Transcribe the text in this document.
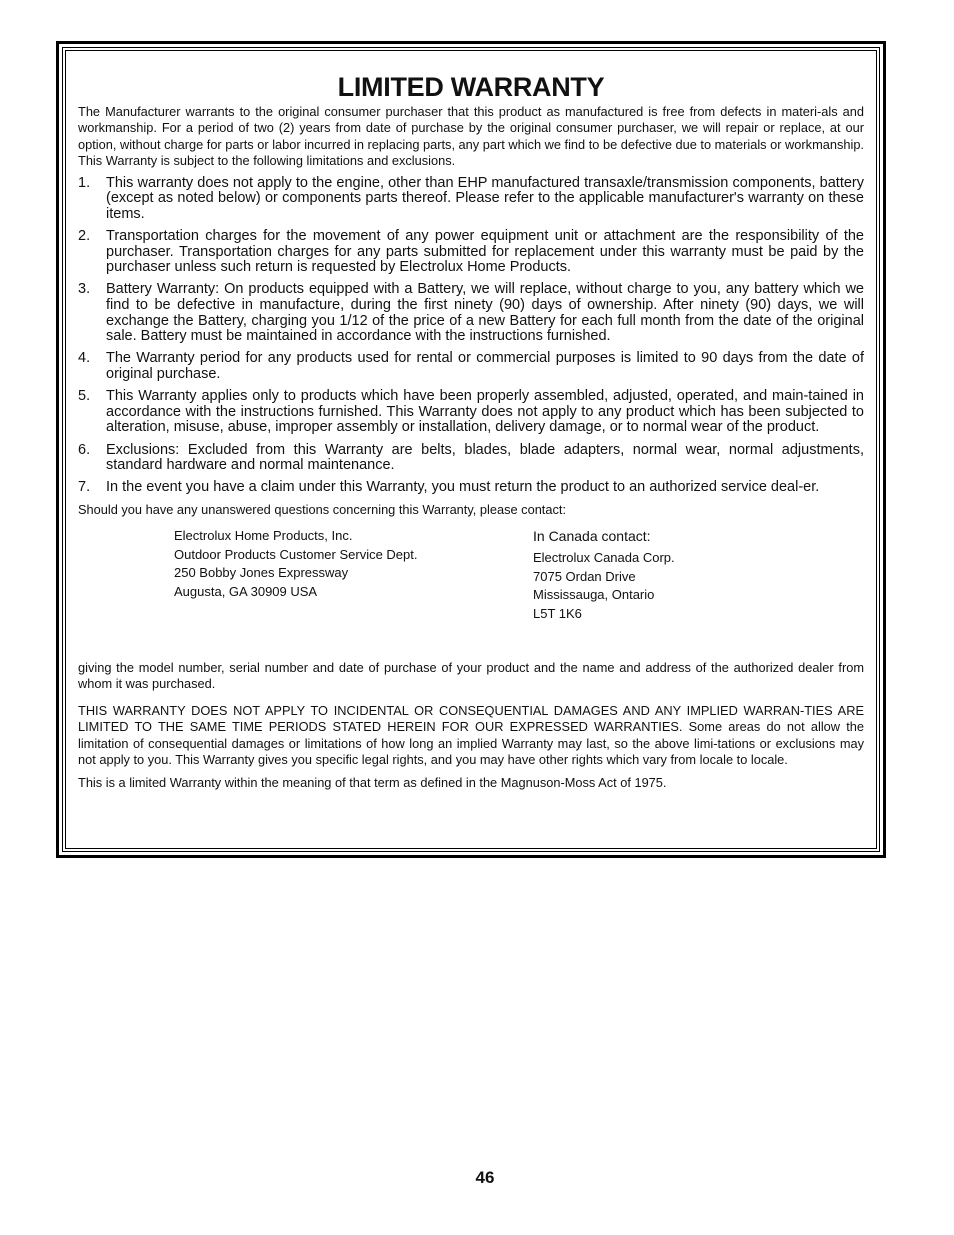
LIMITED WARRANTY

The Manufacturer warrants to the original consumer purchaser that this product as manufactured is free from defects in materi-als and workmanship. For a period of two (2) years from date of purchase by the original consumer purchaser, we will repair or replace, at our option, without charge for parts or labor incurred in replacing parts, any part which we find to be defective due to materials or workmanship. This Warranty is subject to the following limitations and exclusions.

1. This warranty does not apply to the engine, other than EHP manufactured transaxle/transmission components, battery (except as noted below) or components parts thereof. Please refer to the applicable manufacturer's warranty on these items.
2. Transportation charges for the movement of any power equipment unit or attachment are the responsibility of the purchaser. Transportation charges for any parts submitted for replacement under this warranty must be paid by the purchaser unless such return is requested by Electrolux Home Products.
3. Battery Warranty: On products equipped with a Battery, we will replace, without charge to you, any battery which we find to be defective in manufacture, during the first ninety (90) days of ownership. After ninety (90) days, we will exchange the Battery, charging you 1/12 of the price of a new Battery for each full month from the date of the original sale. Battery must be maintained in accordance with the instructions furnished.
4. The Warranty period for any products used for rental or commercial purposes is limited to 90 days from the date of original purchase.
5. This Warranty applies only to products which have been properly assembled, adjusted, operated, and main-tained in accordance with the instructions furnished. This Warranty does not apply to any product which has been subjected to alteration, misuse, abuse, improper assembly or installation, delivery damage, or to normal wear of the product.
6. Exclusions: Excluded from this Warranty are belts, blades, blade adapters, normal wear, normal adjustments, standard hardware and normal maintenance.
7. In the event you have a claim under this Warranty, you must return the product to an authorized service deal-er.

Should you have any unanswered questions concerning this Warranty, please contact:

Electrolux Home Products, Inc.
Outdoor Products Customer Service Dept.
250 Bobby Jones Expressway
Augusta, GA 30909 USA
In Canada contact:
Electrolux Canada Corp.
7075 Ordan Drive
Mississauga, Ontario
L5T 1K6

giving the model number, serial number and date of purchase of your product and the name and address of the authorized dealer from whom it was purchased.

THIS WARRANTY DOES NOT APPLY TO INCIDENTAL OR CONSEQUENTIAL DAMAGES AND ANY IMPLIED WARRAN-TIES ARE LIMITED TO THE SAME TIME PERIODS STATED HEREIN FOR OUR EXPRESSED WARRANTIES. Some areas do not allow the limitation of consequential damages or limitations of how long an implied Warranty may last, so the above limi-tations or exclusions may not apply to you. This Warranty gives you specific legal rights, and you may have other rights which vary from locale to locale.

This is a limited Warranty within the meaning of that term as defined in the Magnuson-Moss Act of 1975.

46
